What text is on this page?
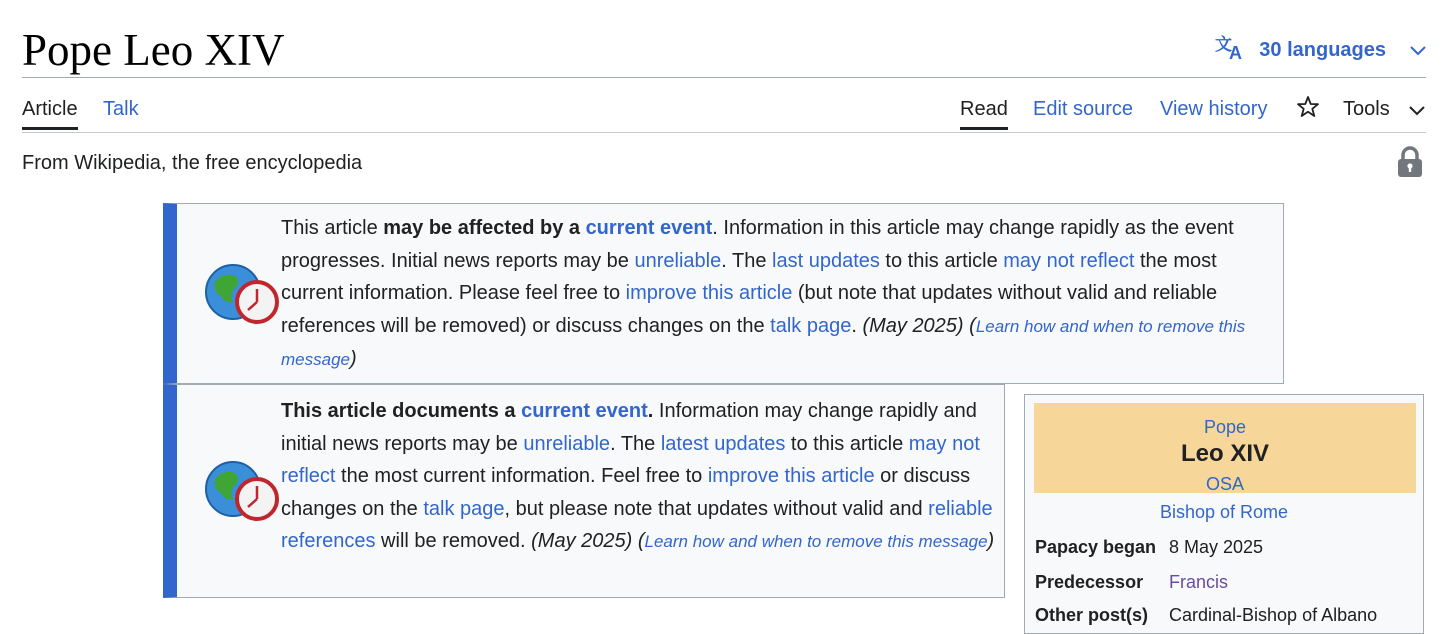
Pope Leo XIV	文
A 30 languages
Article Talk	Read Edit source View history	Tools
From Wikipedia, the free encyclopedia
This article may be affected by a current event. Information in this article may change rapidly as the event progresses. Initial news reports may be unreliable. The last updates to this article may not reflect the most current information. Please feel free to improve this article (but note that updates without valid and reliable references will be removed) or discuss changes on the talk page. (May 2025) (Learn how and when to remove this message)
This article documents a current event. Information may change rapidly and initial news reports may be unreliable. The latest updates to this article may not reflect the most current information. Feel free to improve this article or discuss changes on the talk page, but please note that updates without valid and reliable references will be removed. (May 2025) (Learn how and when to remove this message)
Pope
Leo XIV
OSA
Bishop of Rome
Papacy began 8 May 2025
Predecessor Francis
Other post(s) Cardinal-Bishop of Albano
